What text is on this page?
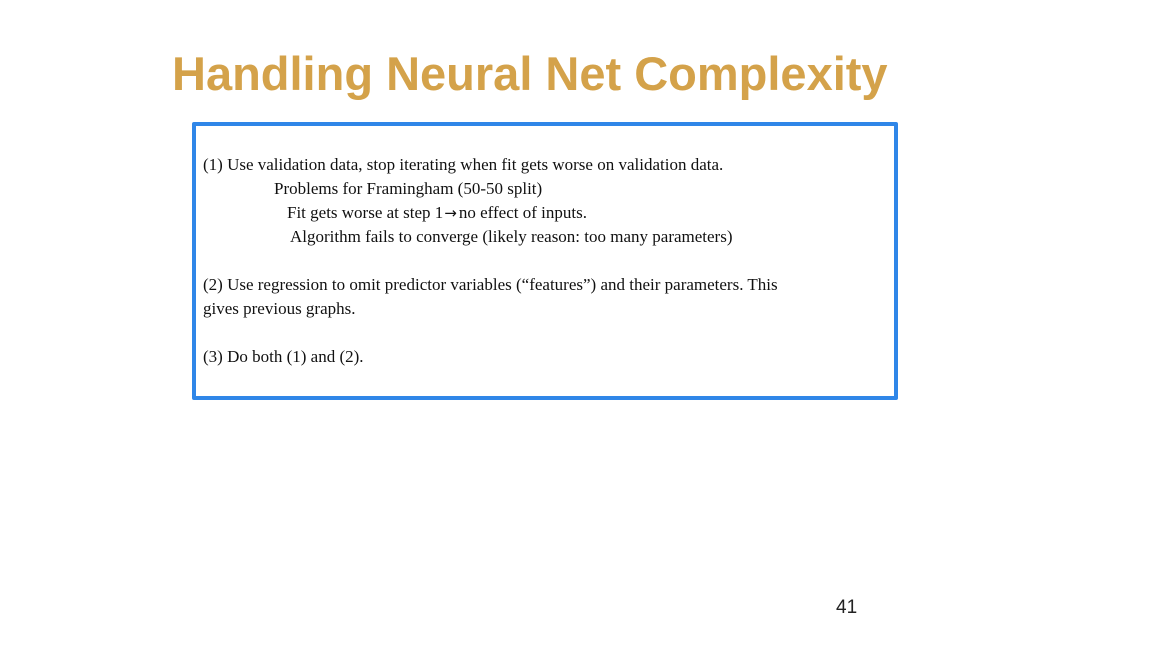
Handling Neural Net Complexity
(1) Use validation data, stop iterating when fit gets worse on validation data.
Problems for Framingham (50-50 split)
Fit gets worse at step 1→ no effect of inputs.
Algorithm fails to converge (likely reason: too many parameters)
(2) Use regression to omit predictor variables (“features”) and their parameters. This
gives previous graphs.
(3) Do both (1) and (2).
41
